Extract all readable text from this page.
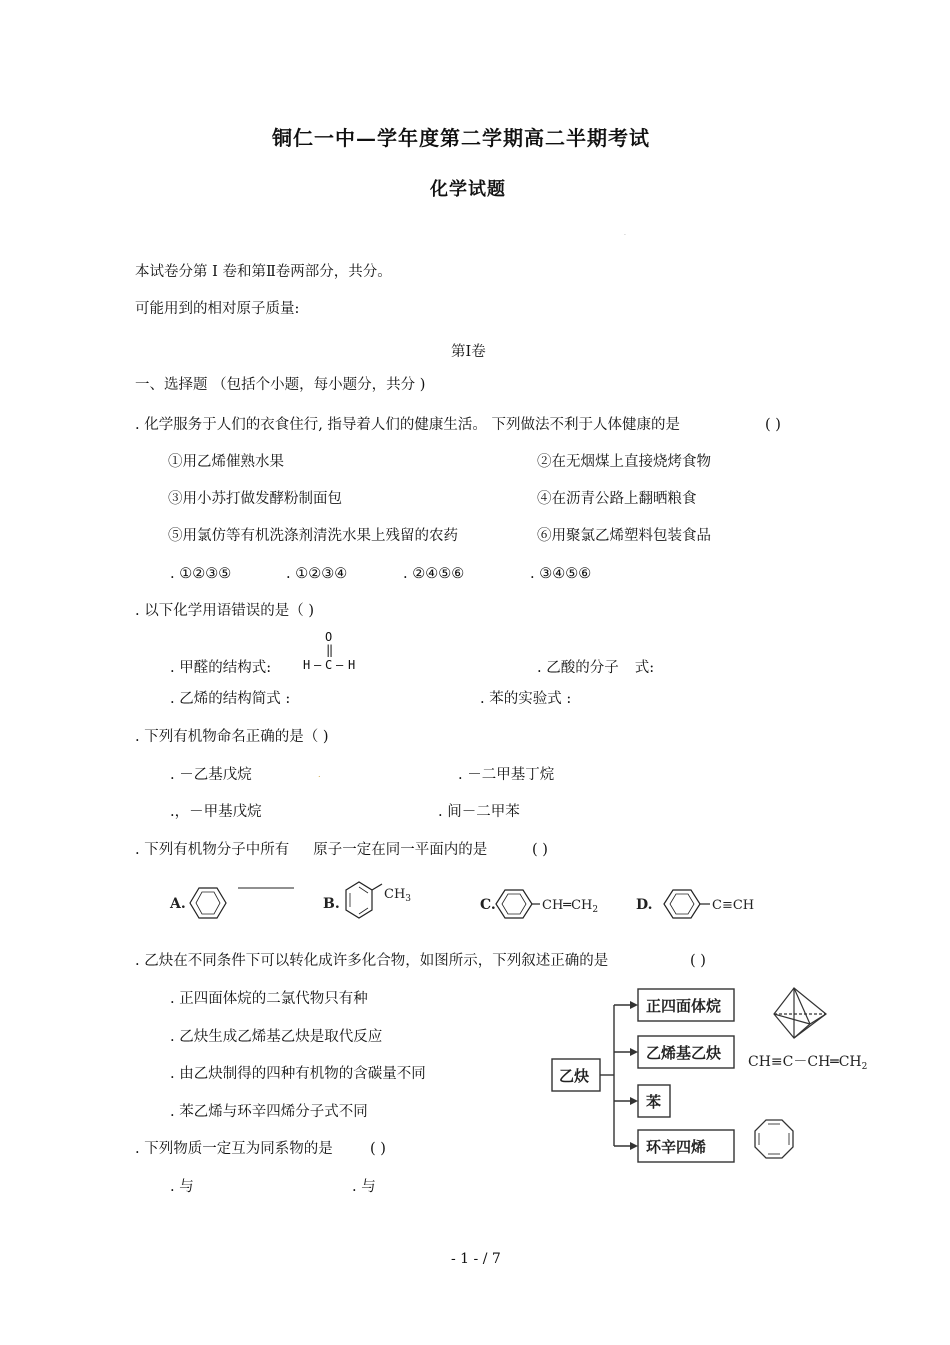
铜仁一中—学年度第二学期高二半期考试
化学试题
.
本试卷分第 Ⅰ 卷和第Ⅱ卷两部分，共分。
可能用到的相对原子质量:
第Ⅰ卷
一、选择题 （包括个小题，每小题分，共分 )
. 化学服务于人们的衣食住行, 指导着人们的健康生活。 下列做法不利于人体健康的是	( )
①用乙烯催熟水果	②在无烟煤上直接烧烤食物
③用小苏打做发酵粉制面包	④在沥青公路上翻晒粮食
⑤用氯仿等有机洗涤剂清洗水果上残留的农药	⑥用聚氯乙烯塑料包装食品
. ①②③⑤	. ①②③④	. ②④⑤⑥	. ③④⑤⑥
. 以下化学用语错误的是（ )
. 甲醛的结构式:
O
‖
H – C – H	. 乙酸的分子 式:
. 乙烯的结构简式 :	. 苯的实验式 :
. 下列有机物命名正确的是（ )
. －乙基戊烷	.	. －二甲基丁烷
.，－甲基戊烷	. 间－二甲苯
. 下列有机物分子中所有 原子一定在同一平面内的是	( )
A.	B.	C.	D.
$CH_3$	$CH═CH_2$	C≡CH
. 乙炔在不同条件下可以转化成许多化合物，如图所示，下列叙述正确的是	( )
. 正四面体烷的二氯代物只有种
. 乙炔生成乙烯基乙炔是取代反应
. 由乙炔制得的四种有机物的含碳量不同
. 苯乙烯与环辛四烯分子式不同
乙炔
正四面体烷
乙烯基乙炔
苯
环辛四烯
$CH\equiv C-CH═CH_2$
. 下列物质一定互为同系物的是	( )
. 与	. 与
- 1 - / 7
